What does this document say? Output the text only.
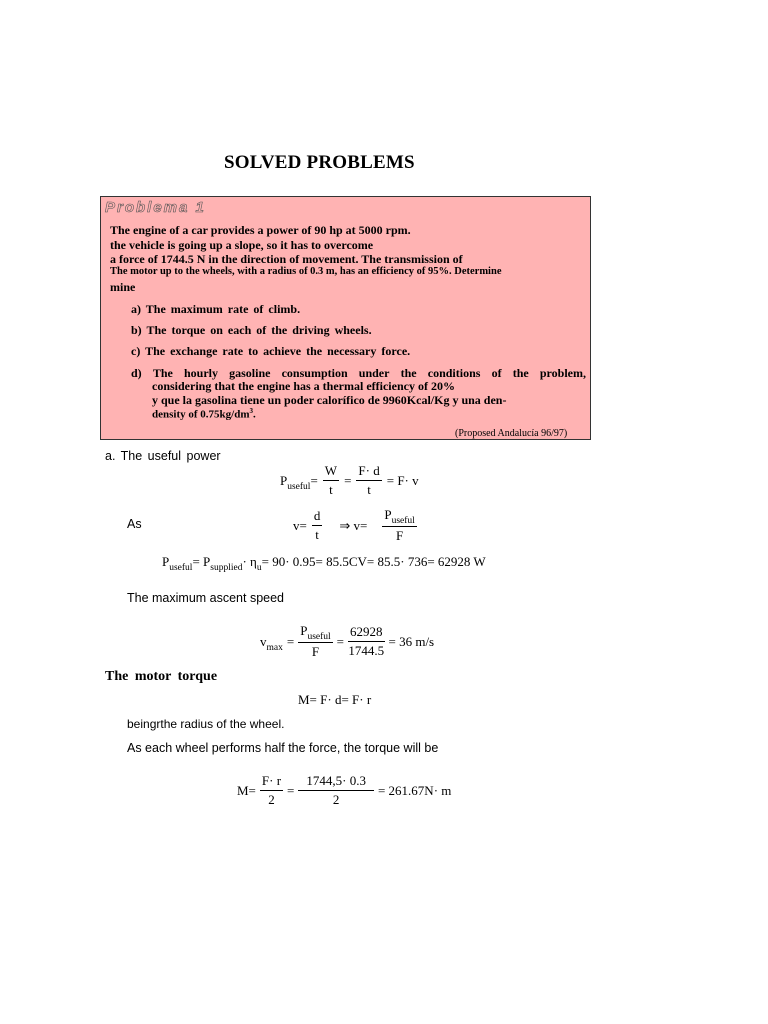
SOLVED PROBLEMS
Problema 1
The engine of a car provides a power of 90 hp at 5000 rpm.
the vehicle is going up a slope, so it has to overcome
a force of 1744.5 N in the direction of movement. The transmission of
The motor up to the wheels, with a radius of 0.3 m, has an efficiency of 95%. Determine
mine
a) The maximum rate of climb.
b) The torque on each of the driving wheels.
c) The exchange rate to achieve the necessary force.
d) The hourly gasoline consumption under the conditions of the problem,
considering that the engine has a thermal efficiency of 20%
y que la gasolina tiene un poder calorífico de 9960Kcal/Kg y una den-
density of $0.75kg/dm^3$.
(Proposed Andalucía 96/97)
a. The useful power
$P_{useful}= \frac{W}{t} = \frac{F\cdot d}{t} = F\cdot v$
As	$v= \frac{d}{t}$ ⇒ $v= \frac{P_{useful}}{F}$
$P_{useful}= P_{supplied}\cdot \eta_u= 90\cdot 0.95= 85.5CV= 85.5\cdot 736= 62928$ W
The maximum ascent speed
$v_{max} = \frac{P_{useful}}{F} = \frac{62928}{1744.5} = 36$ m/s
The motor torque
M= F· d= F· r
beingrthe radius of the wheel.
As each wheel performs half the force, the torque will be
$M= \frac{F\cdot r}{2} = \frac{1744,5\cdot 0.3}{2} = 261.67N\cdot m$
